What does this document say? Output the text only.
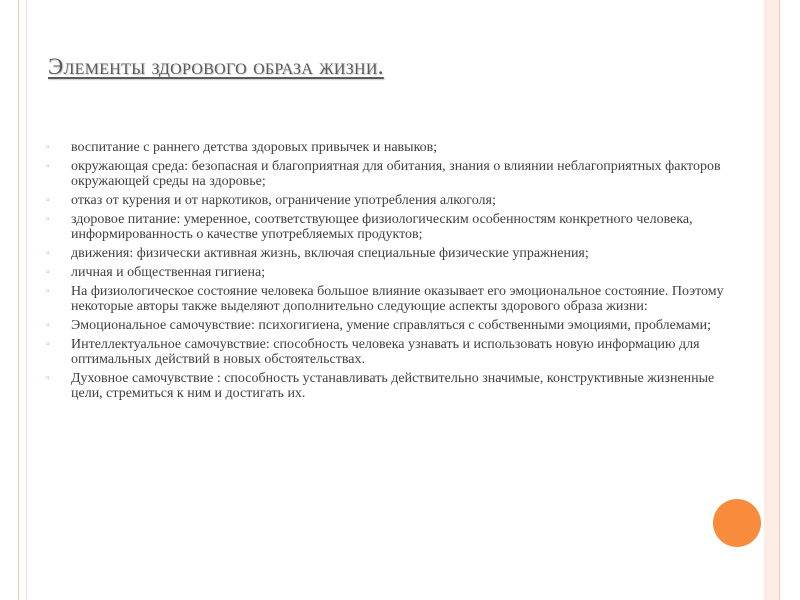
Элементы здорового образа жизни.
▫ воспитание с раннего детства здоровых привычек и навыков;
▫ окружающая среда: безопасная и благоприятная для обитания, знания о влиянии неблагоприятных факторов окружающей среды на здоровье;
▫ отказ от курения и от наркотиков, ограничение употребления алкоголя;
▫ здоровое питание: умеренное, соответствующее физиологическим особенностям конкретного человека, информированность о качестве употребляемых продуктов;
▫ движения: физически активная жизнь, включая специальные физические упражнения;
▫ личная и общественная гигиена;
▫ На физиологическое состояние человека большое влияние оказывает его эмоциональное состояние. Поэтому некоторые авторы также выделяют дополнительно следующие аспекты здорового образа жизни:
▫ Эмоциональное самочувствие: психогигиена, умение справляться с собственными эмоциями, проблемами;
▫ Интеллектуальное самочувствие: способность человека узнавать и использовать новую информацию для оптимальных действий в новых обстоятельствах.
▫ Духовное самочувствие : способность устанавливать действительно значимые, конструктивные жизненные цели, стремиться к ним и достигать их.
